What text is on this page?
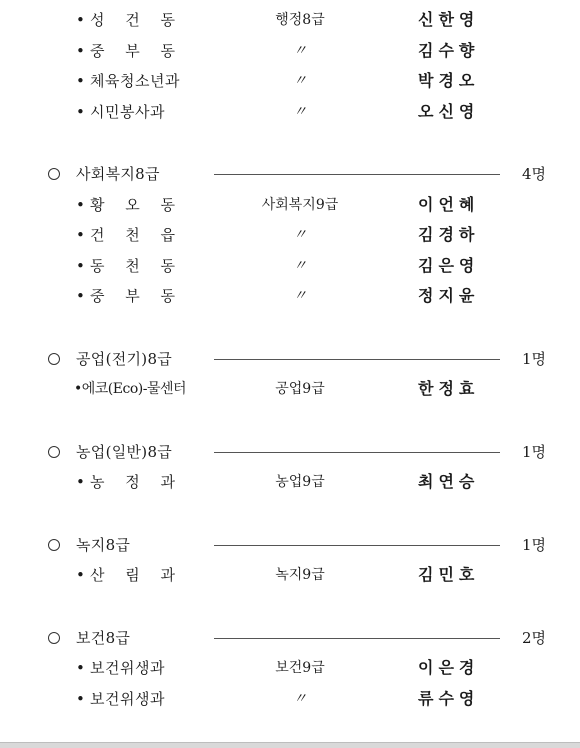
• 성 건 동	행정8급	신한영
• 중 부 동	〃	김수향
• 체육청소년과	〃	박경오
• 시민봉사과	〃	오신영
사회복지8급	4명
• 황 오 동	사회복지9급	이언혜
• 건 천 읍	〃	김경하
• 동 천 동	〃	김은영
• 중 부 동	〃	정지윤
공업(전기)8급	1명
•에코(Eco)-물센터	공업9급	한정효
농업(일반)8급	1명
• 농 정 과	농업9급	최연승
녹지8급	1명
• 산 림 과	녹지9급	김민호
보건8급	2명
• 보건위생과	보건9급	이은경
• 보건위생과	〃	류수영
